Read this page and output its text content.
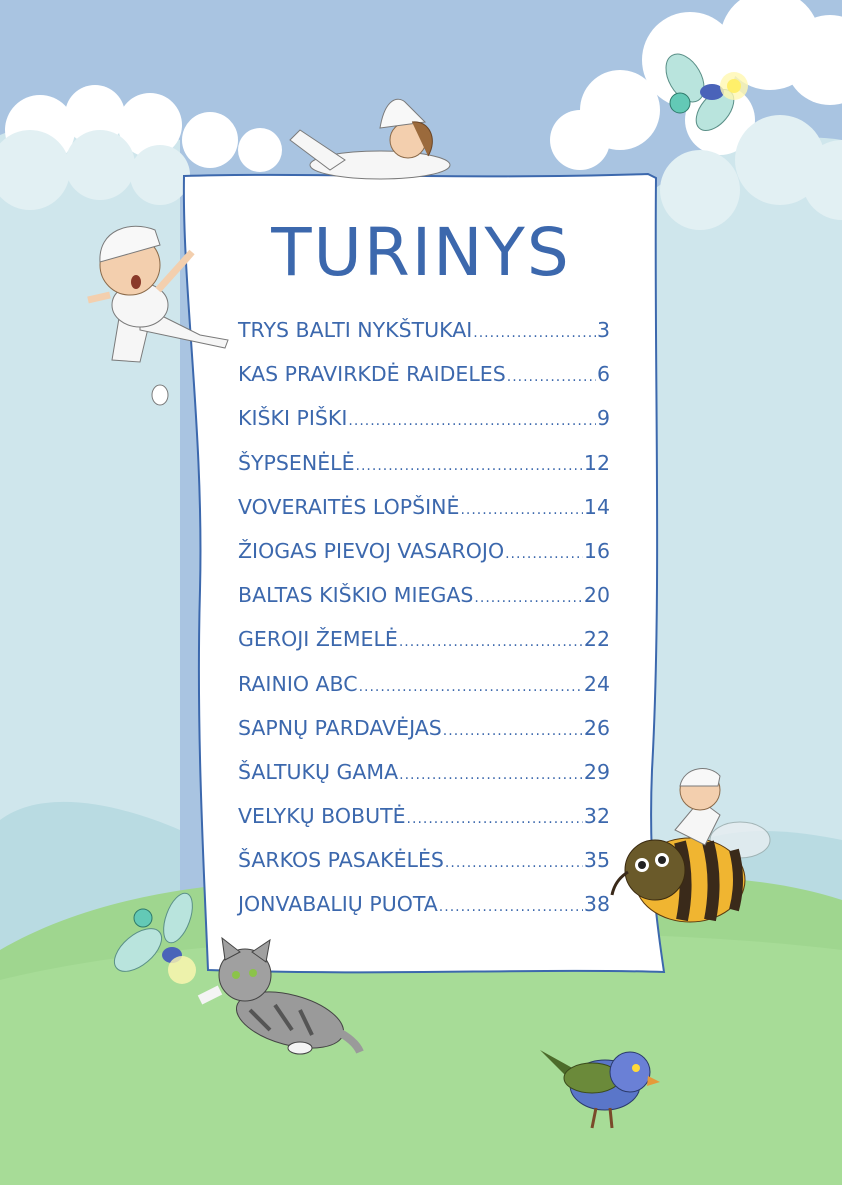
TURINYS
TRYS BALTI NYKŠTUKAI .....	3
KAS PRAVIRKDĖ RAIDELES .....	6
KIŠKI PIŠKI .....	9
ŠYPSENĖLĖ .....	12
VOVERAITĖS LOPŠINĖ .....	14
ŽIOGAS PIEVOJ VASAROJO .....	16
BALTAS KIŠKIO MIEGAS .....	20
GEROJI ŽEMELĖ .....	22
RAINIO ABC .....	24
SAPNŲ PARDAVĖJAS .....	26
ŠALTUKŲ GAMA .....	29
VELYKŲ BOBUTĖ .....	32
ŠARKOS PASAKĖLĖS .....	35
JONVABALIŲ PUOTA .....	38
